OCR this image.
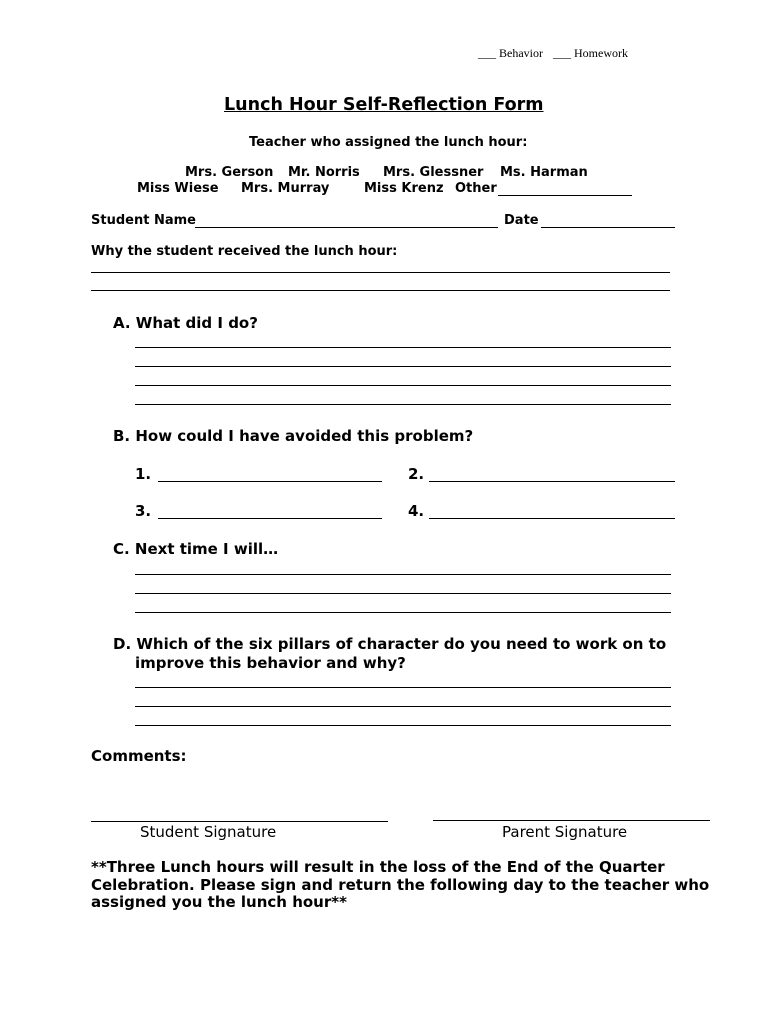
___ Behavior ___ Homework
Lunch Hour Self-Reflection Form
Teacher who assigned the lunch hour:
Mrs. Gerson Mr. Norris Mrs. Glessner Ms. Harman
Miss Wiese Mrs. Murray	Miss Krenz Other
Student Name	Date
Why the student received the lunch hour:
A. What did I do?
B. How could I have avoided this problem?
1.	2.
3.	4.
C. Next time I will…
D. Which of the six pillars of character do you need to work on to
improve this behavior and why?
Comments:
Student Signature	Parent Signature
**Three Lunch hours will result in the loss of the End of the Quarter
Celebration. Please sign and return the following day to the teacher who
assigned you the lunch hour**
